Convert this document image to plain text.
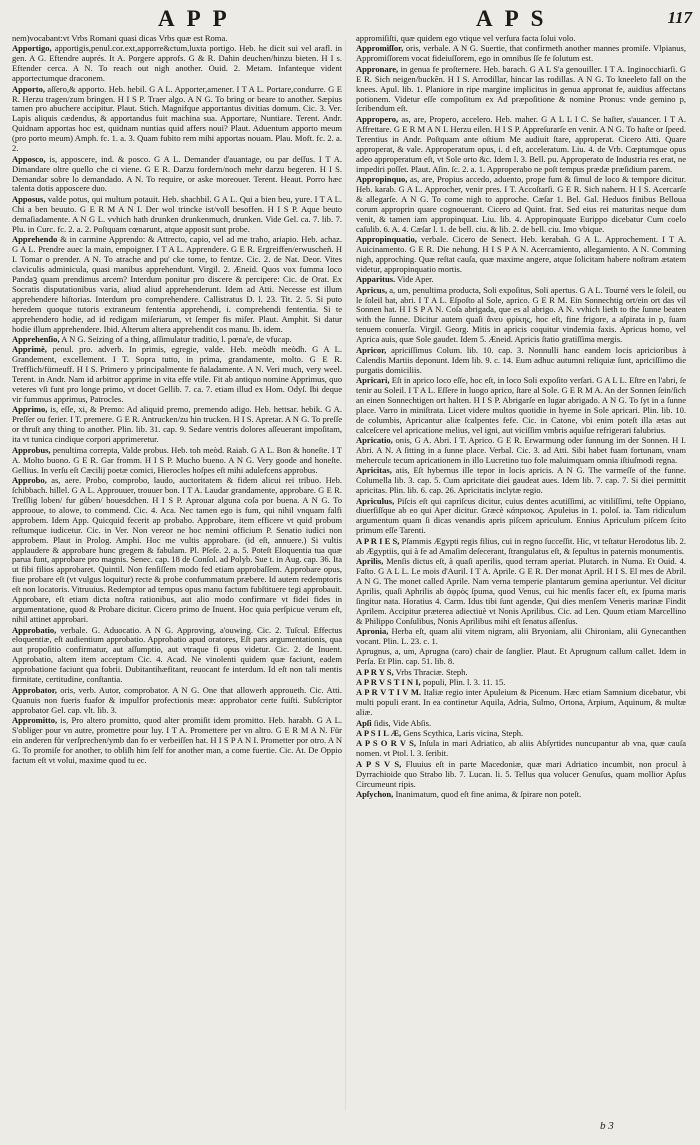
APP	APS	117
nem)vocabant:vt Vrbs Romani quasi dicas Vrbs quæ est Roma.
Apportigo, apportigis,penul.cor.ext,apporre&ctum,luxta portigo. Heb. he dicit sui vel arafl. in gen. A G. Eftendre auprés. It A. Porgere approfs. G & R. Dahin deuchen/hinzu bieten. H I s. Eftender cerca. A N. To reach out nigh another. Ouid. 2. Metam. Infanteque vident apportectumque draconem.
Apporto, aſſero,& apporto. Heb. hebil. G A L. Apporter,amener. I T A L. Portare,condurre. G E R. Herzu tragen/zum bringen. H I S P. Traer algo. A N G. To bring or beare to another. Sæpius tamen pro abuchere accipitur. Plaut. Stich. Magnifque apportantus divitias domum. Cic. 3. Ver. Lapis aliquis cædendus, & apportandus fuit machina sua. Apportare, Nuntiare. Terent. Andr. Quidnam apportas hoc est, quidnam nuntias quid affers noui? Plaut. Aduentum apporto meum (pro porto meum) Amph. fc. 1. a. 3. Quam fubito rem mihi apportas nouam. Plau. Moft. fc. 2. a. 2.
Apposco, is, apposcere, ind. & posco. G A L. Demander d'auantage, ou par deſſus. I T A. Dimandare oltre quello che ci viene. G E R. Darzu fordern/noch mehr darzu begeren. H I S. Demandar sobre lo demandado. A N. To require, or aske moreouer. Terent. Heaut. Porro hæc talenta dotis apposcere duo.
Apposus, valde potus, qui multum potauit. Heb. shachbil. G A L. Qui a bien beu, yure. I T A L. Chi a ben beuuto. G E R M A N I. Der wol trincke ist/voll besoffen. H I S P. Aque beuto demaſiadamente. A N G L. vvhich hath drunken drunkenmuch, drunken. Vide Gel. ca. 7. lib. 7. Plu. in Curc. fc. 2. a. 2. Poſtquam cœnarunt, atque apposit sunt probe.
Apprehendo & in carmine Apprendo: & Attrecto, capio, vel ad me traho, ariapio. Heb. achaz. G A L. Prendre auec la main, empoigner. I T A L. Apprendere. G E R. Ergreiffen/erwuscheñ. H I. Tomar o prender. A N. To atrache and pu' cke tome, to fentze. Cic. 2. de Nat. Deor. Vites claviculis adminicula, quasi manibus apprehendunt. Virgil. 2. Æneid. Quos vox fumma loco Pandaꝫ quam prendimus arcem? Interdum ponitur pro discere & percipere: Cic. de Orat. Ex Socratis disputationibus varia, aliud aliud apprehenderunt. Idem ad Atti. Necesse est illum apprehendere hiſtorias. Interdum pro comprehendere. Callistratus D. l. 23. Tit. 2. 5. Si puto heredem quoque tutoris extraneum fententia apprehendi, i. comprehendi fententia. Si te apprehendero hodie, ad id redigam miſeriarum, vt ſemper fis miſer. Plaut. Amphit. Si datur hodie illum apprehendere. Ibid. Alterum altera apprehendit cos manu. Ib. idem.
Apprehenſio, A N G. Seizing of a thing, aſſimulatur traditio, l. pœna'e, de vfucap.
Apprimè, penul. pro. adverb. In primis, egregie, valde. Heb. meòdh meòdh. G A L. Grandement, excellement. I T. Sopra tutto, in prima, grandamente, molto. G E R. Trefflich/fürneuff. H I S. Primero y principalmente fe ñaladamente. A N. Veri much, very weel. Terent. in Andr. Nam id arbitror apprime in vita effe vtile. Fit ab antiquo nomine Apprimus, quo veteres vſi funt pro longe primo, vt docet Gellib. 7. ca. 7. etiam illud ex Hom. Odyſ. Ibi deque vir fummus apprimus, Patrocles.
Apprimo, is, eſſe, xi, & Premo: Ad aliquid premo, premendo adigo. Heb. hettsar. hebik. G A. Preſſer ou ferier. I T. premere. G E R. Antrucken/zu hin trucken. H I S. Apretar. A N G. To preſſe or thruſt any thing to another. Plin. lib. 31. cap. 9. Sedare ventris dolores aſſeuerant impoſitam, ita vt tunica cindique corpori apprimeretur.
Approbus, penultima correpta, Valde probus. Heb. toh meòd. Raiab. G A L. Bon & honeſte. I T A. Molto buono. G E R. Gar fromm. H I S P. Mucho bueno. A N G. Very goode and honeſte. Gellius. In verſu eſt Cæcilij poetæ comici, Hierocles hoſpes eſt mihi adulefcens approbus.
Approbo, as, aere. Probo, comprobo, laudo, auctoritatem & fidem alicui rei tribuo. Heb. ſchibbach. hillel. G A L. Approuuer, trouuer bon. I T A. Laudar grandamente, approbare. G E R. Treſſlig loben/ fur gůben/ houesdchen. H I S P. Aprouar alguna coſa por buena. A N G. To approoue, to alowe, to commend. Cic. 4. Aca. Nec tamen ego is fum, qui nihil vnquam falfi approbem. Idem App. Quicquid fecerit ap probabo. Approbare, item efficere vt quid probum reſtumque iudicetur. Cic. in Ver. Non vereor ne hoc nemini officium P. Senatio iudici non approbem. Plaut in Prolog. Amphi. Hoc me vultis approbare. (id eſt, annuere.) Si vultis applaudere & approbare hunc gregem & fabulam. Pl. Pſeſe. 2. a. 5. Poteſt Eloquentia tua quæ parua funt, approbare pro magnis. Senec. cap. 18 de Conſol. ad Polyb. Sue t. in Aug. cap. 36. Ita ut fibi filios approbaret. Quintil. Non fenſiſſem modo fed etiam approbaſſem. Approbare opus, fiue probare eſt (vt vulgus loquitur) recte & probe confummatum præbere. Id autem redemptoris eſt non locatoris. Vitruuius. Redemptor ad tempus opus manu factum fubſtituere tegi approbauit. Approbare, eſt etiam dicta noſtra rationibus, aut alio modo confirmare vt fidei fides in argumentatione, quod & Probare dicitur. Cicero primo de Inuent. Hoc quia perſpicue verum eſt, nihil attinet approbari.
Approbatio, verbale. G. Aduocatio. A N G. Approving, a'ouwing. Cic. 2. Tuſcul. Effectus eloquentiæ, eſt audientium approbatio. Approbatio apud oratores, Eſt pars argumentationis, qua aut propoſitio confirmatur, aut aſſumptio, aut vtraque fi opus videtur. Cic. 2. de Inuent. Approbatio, altem item acceptum Cic. 4. Acad. Ne vinolenti quidem quæ faciunt, eadem approbatione faciunt qua fobrii. Dubitantihæfitant, reuocant fe interdum. Id eſt non tali mentis firmitate, certitudine, conſtantia.
Approbator, oris, verb. Autor, comprobator. A N G. One that allowerh approueth. Cic. Atti. Quanuis non fueris fuafor & impulfor profectionis meæ: approbator certe fuiſti. Subſcriptor approbator Gel. cap. vlt. lib. 3.
Appromitto, is, Pro altero promitto, quod alter promiſit idem promitto. Heb. harabh. G A L. S'obliger pour vn autre, promettre pour luy. I T A. Promettere per vn altro. G E R M A N. Für ein anderen für verſprechen/ymb dan fo er verbeiſſen hat. H I S P A N I. Prometter por otro. A N G. To promiſe for another, to obliſh him ſelf for another man, a come fuertie. Cic. At. De Oppio factum eſt vt volui, maxime quod tu ec.
appromiſiſti, quæ quidem ego vtique vel verſura facta ſolui volo.
Appromiſſor, oris, verbale. A N G. Suertie, that confirmeth another mannes promiſe. Vlpianus, Appromiſſorem vocat fideiuſſorem, ego in omnibus ſſe fe ſolutum est.
Appronare, in genua fe proſternere. Heb. barach. G A L S'a genouiller. I T A. Inginocchiarſi. G E R. Sich neigen/buckẽn. H I S. Arrodillar, hincar las rodillas. A N G. To kneeleto fall on the knees. Apul. lib. 1. Planiore in ripe margine implicitus in genua appronat fe, auidius affectans potionem. Videtur eſſe compoſitum ex Ad præpoſitione & nomine Pronus: vnde gemino p, ſcribendum eſt.
Appropero, as, are, Propero, accelero. Heb. maher. G A L L I C. Se haſter, s'auancer. I T A. Affrettare. G E R M A N I. Herzu eilen. H I S P. Appreſurarſe en venir. A N G. To haſte or ſpeed. Terentius in Andr. Poſtquam ante oſtium Me audiuit ſtare, approperat. Cicero Atti. Quare approperat, & vale. Approperatum opus, i. d eſt, acceleratum. Liu. 4. de Vrb. Cœptumque opus adeo approperatum eſt, vt Sole orto &c. Idem l. 3. Bell. pu. Approperato de Industria res erat, ne impediri poſſet. Plaut. Aſin. ſc. 2. a. 1. Approperabo ne poſt tempus prædæ præſidium parem.
Appropinquo, as, are, Propius accedo, aduento, prope fum & ſimul de loco & tempore dicitur. Heb. karab. G A L. Approcher, venir pres. I T. Accoſtarſi. G E R. Sich nahern. H I S. Acercarſe & allegarſe. A N G. To come nigh to approche. Cæſar 1. Bel. Gal. Heduos finibus Belloua corum approprin quare cognouerant. Cicero ad Quint. frat. Sed eius rei maturitas neque dum venit, & tamen iam appropinquat. Liu. lib. 4. Appropinquate Eurippo dicebatur Cum coelo caſulib. 6. A. 4. Cæſar l. 1. de bell. ciu. & lib. 2. de bell. ciu. Imo vbique.
Appropinquatio, verbale. Cicero de Senect. Heb. kerabah. G A L. Approchement. I T A. Auicinamento. G E R. Die nehung. H I S P A N. Acercamiento, allegamiento. A N. Comming nigh, approching. Quæ reſtat cauſa, quæ maxime angere, atque ſolicitam habere noſtram ætatem videtur, appropinquatio mortis.
Apparitus. Vide Aper.
Apricus, a, um, penultima producta, Soli expoſitus, Soli apertus. G A L. Tourné vers le ſoleil, ou le ſoleil bat, abri. I T A L. Eſpoſto al Sole, aprico. G E R M. Ein Sonnechtig ort/ein ort das vil Sonnen hat. H I S P A N. Coſa abrigada, que es al abrigo. A N. vvhich lieth to the ſunne beaten with the ſunne. Dicitur autem quaſi ἄνευ φρίκης, hoc eſt, fine frigore, a aſpirata in p, ſuam tenuem conuerſa. Virgil. Georg. Mitis in apricis coquitur vindemia faxis. Apricus homo, vel Aprica auis, quæ Sole gaudet. Idem 5. Æneid. Apricis ſtatio gratiſſima mergis.
Apricor, apriciſſimus Colum. lib. 10. cap. 3. Nonnulli hanc eandem locis apricioribus à Calendis Martiis deponunt. Idem lib. 9. c. 14. Eum adhuc autumni reliquiæ ſunt, apriciſſimo die purgatis domiciliis.
Apricari, Eſt in aprico loco eſſe, hoc eſt, in loco Soli expoſito verſari. G A L L. Eſtre en l'abri, ſe tenir au Soleil. I T A L. Eſſere in luogo aprico, ſtare al Sole. G E R M A. An der Sonnen ſein/ſich an einen Sonnechtigen ort halten. H I S P. Abrigarſe en lugar abrigado. A N G. To ſyt in a ſunne place. Varro in miniſtrata. Licet videre multos quotidie in hyeme in Sole apricari. Plin. lib. 10. de columbis, Apricantur aliæ ſcalpentes fefe. Cic. in Catone, vbi enim poteſt illa ætas aut calceſcere vel apricatione melius, vel igni, aut viciſſim vmbris aquiſue refrigerari falubrius.
Apricatio, onis, G A. Abri. I T. Aprico. G E R. Erwarmung oder ſunnung im der Sonnen. H I. Abri. A N. A ſitting in a ſunne place. Verbal. Cic. 3. ad Atti. Sibi habet fuam fortunam, vnam meherculɛ tecum apricationem in illo Lucretino tuo fole maluimquam omnia iſtiuſmodi regna.
Apricitas, atis, Eſt hybernus ille tepor in locis apricis. A N G. The varmeſſe of the funne. Columella lib. 3. cap. 5. Cum apricitate diei gaudeat aues. Idem lib. 7. cap. 7. Si diei permittit apricitas. Plin. lib. 6. cap. 26. Apricitatis inclytæ regio.
Apriculus, Piſcis eſt qui capriſcus dicitur, cuius dentes acutiſſimi, ac vitiliſſimi, teſte Oppiano, diuerſiſſque ab eo qui Aper dicitur. Græcè κάπρισκος. Apuleius in 1. poloſ. ia. Tam ridiculum argumentum quam ſi dicas venandis apris piſcem apriculum. Ennius Apriculum piſcem ſcito primum eſſe Tarenti.
A P R I E S, Pſammis Ægypti regis filius, cui in regno ſucceſſit. Hic, vt teſtatur Herodotus lib. 2. ab Ægyptiis, qui à fe ad Amaſim deſecerant, ſtrangulatus eſt, & ſepultus in paternis monumentis.
Aprilis, Menſis dictus eſt, à quaſi aperilis, quod terram aperiat. Plutarch. in Numa. Et Ouid. 4. Faſto. G A L L. Le mois d'Auril. I T A. Aprile. G E R. Der monat April. H I S. El mes de Abril. A N G. The monet called Aprile. Nam verna temperie plantarum gemina aperiuntur. Vel dicitur Aprilis, quaſi Aphrilis ab ἀφρὸς ſpuma, quod Venus, cui hic menſis facer eſt, ex ſpuma maris ſingitur nata. Horatius 4. Carm. Idus tibi ſunt agendæ, Qui dies menſem Veneris marinæ Findit Aprilem. Accipitur præterea adiectiuè vt Nonis Aprilibus. Cic. ad Len. Quum etiam Marcellino & Philippo Conſulibus, Nonis Aprilibus mihi eſt ſenatus aſſenſus.
Apronia, Herba eſt, quam alii vitem nigram, alii Bryoniam, alii Chironiam, alii Gynecanthen vocant. Plin. L. 23. c. 1.
Aprugnus, a, um, Aprugna (caro) chair de ſanglier. Plaut. Et Aprugnum callum callet. Idem in Perſa. Et Plin. cap. 51. lib. 8.
A P R Y S, Vrbs Thraciæ. Steph.
A P R V S T I N I, populi, Plin. l. 3. 11. 15.
A P R V T I V M. Italiæ regio inter Apuleium & Picenum. Hæc etiam Samnium dicebatur, vbi multi populi erant. In ea continetur Aquila, Adria, Sulmo, Ortona, Arpium, Aquinum, & multæ aliæ.
Apſi ſidis, Vide Abſis.
A P S I L Æ, Gens Scythica, Laris vicina, Steph.
A P S O R V S, Inſula in mari Adriatico, ab aliis Abſyrtides nuncupantur ab vna, quæ cauſa nomen. vt Ptol. l. 3. ſeribit.
A P S V S, Fluuius eſt in parte Macedoniæ, quæ mari Adriatico incumbit, non procul à Dyrrachioide quo Strabo lib. 7. Lucan. li. 5. Tellus qua volucer Genuſus, quam mollior Apſus Circumeunt ripis.
Apſychon, Inanimatum, quod eſt fine anima, & ſpirare non poteſt.
b 3
